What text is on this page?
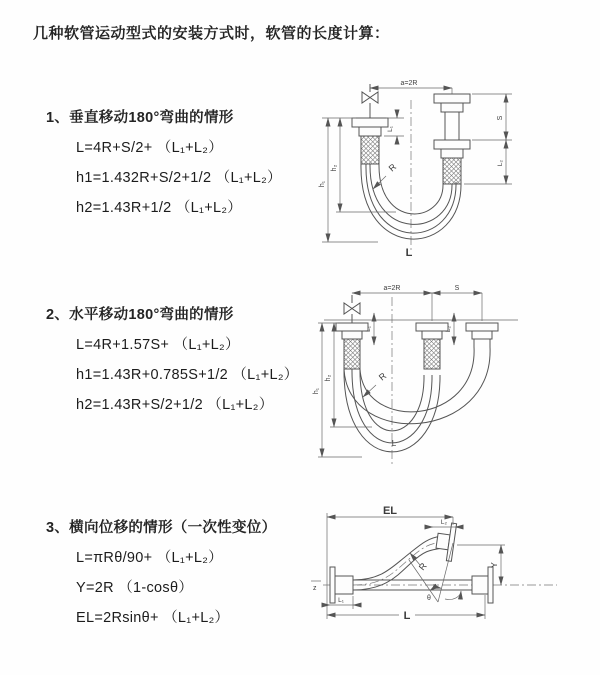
几种软管运动型式的安装方式时，软管的长度计算：
1、垂直移动180°弯曲的情形
L=4R+S/2+ （L₁+L₂）
h1=1.432R+S/2+1/2 （L₁+L₂）
h2=1.43R+1/2 （L₁+L₂）
2、水平移动180°弯曲的情形
L=4R+1.57S+ （L₁+L₂）
h1=1.43R+0.785S+1/2 （L₁+L₂）
h2=1.43R+S/2+1/2 （L₁+L₂）
3、横向位移的情形（一次性变位）
L=πRθ/90+ （L₁+L₂）
Y=2R （1-cosθ）
EL=2Rsinθ+ （L₁+L₂）
a=2R
L₁
R
h₁
h₂
S
L₂
L
a=2R	S
R
h₁
h₂
L₁	L₂
L
z
EL
L₂
Y
R
θ
L₁
L
